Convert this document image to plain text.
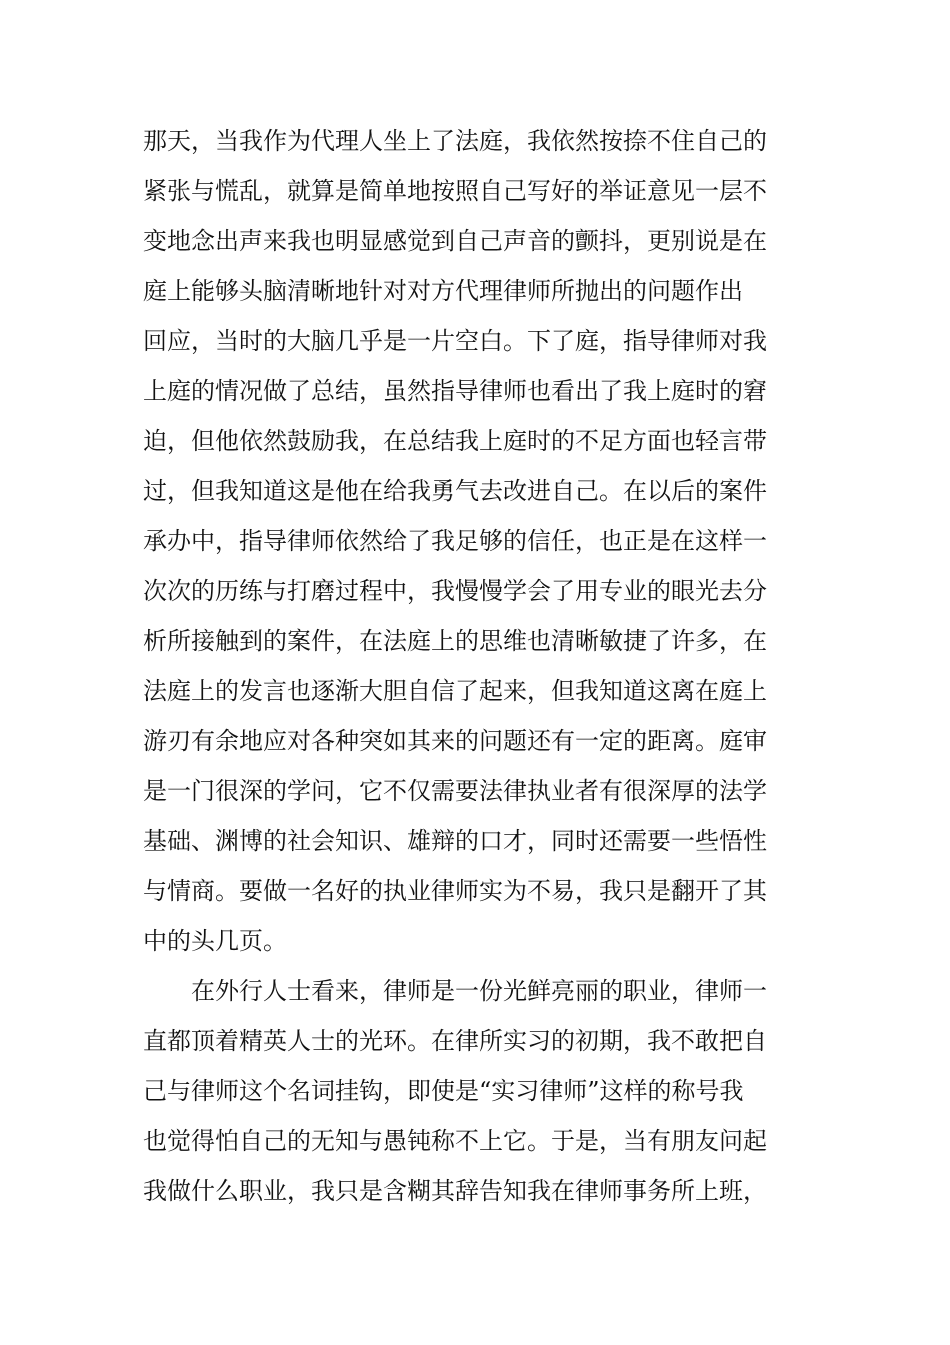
那天，当我作为代理人坐上了法庭，我依然按捺不住自己的
紧张与慌乱，就算是简单地按照自己写好的举证意见一层不
变地念出声来我也明显感觉到自己声音的颤抖，更别说是在
庭上能够头脑清晰地针对对方代理律师所抛出的问题作出
回应，当时的大脑几乎是一片空白。下了庭，指导律师对我
上庭的情况做了总结，虽然指导律师也看出了我上庭时的窘
迫，但他依然鼓励我，在总结我上庭时的不足方面也轻言带
过，但我知道这是他在给我勇气去改进自己。在以后的案件
承办中，指导律师依然给了我足够的信任，也正是在这样一
次次的历练与打磨过程中，我慢慢学会了用专业的眼光去分
析所接触到的案件，在法庭上的思维也清晰敏捷了许多，在
法庭上的发言也逐渐大胆自信了起来，但我知道这离在庭上
游刃有余地应对各种突如其来的问题还有一定的距离。庭审
是一门很深的学问，它不仅需要法律执业者有很深厚的法学
基础、渊博的社会知识、雄辩的口才，同时还需要一些悟性
与情商。要做一名好的执业律师实为不易，我只是翻开了其
中的头几页。
在外行人士看来，律师是一份光鲜亮丽的职业，律师一
直都顶着精英人士的光环。在律所实习的初期，我不敢把自
己与律师这个名词挂钩，即使是“实习律师”这样的称号我
也觉得怕自己的无知与愚钝称不上它。于是，当有朋友问起
我做什么职业，我只是含糊其辞告知我在律师事务所上班，
